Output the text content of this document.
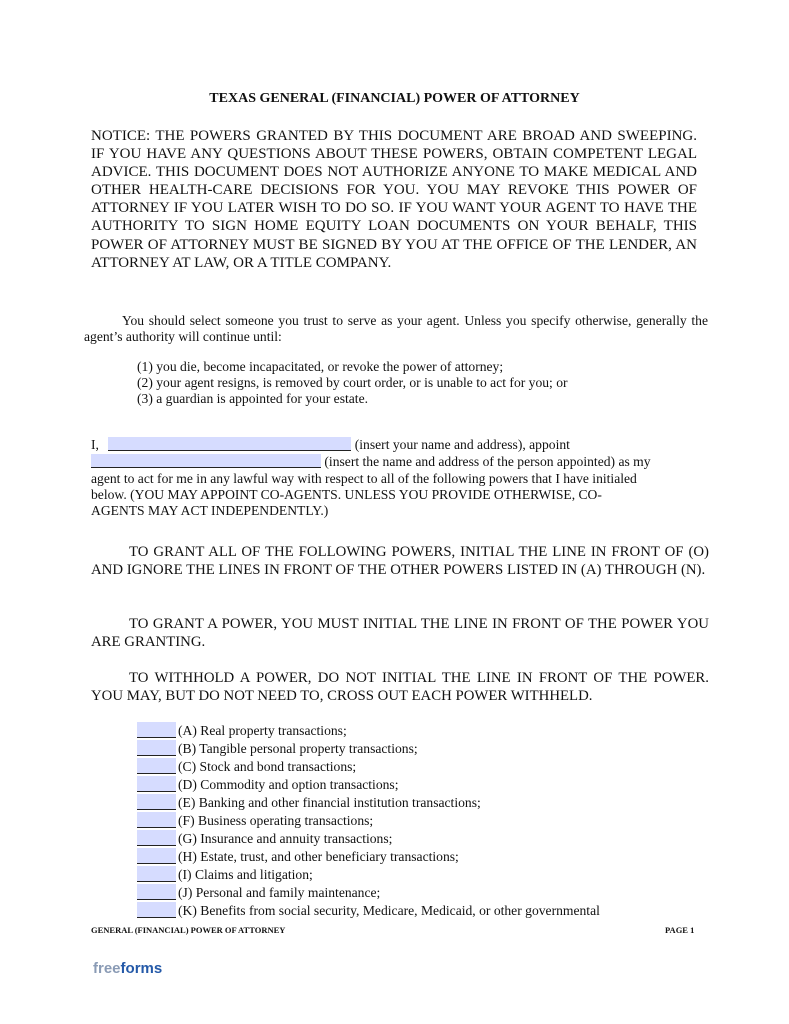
TEXAS GENERAL (FINANCIAL) POWER OF ATTORNEY
NOTICE: THE POWERS GRANTED BY THIS DOCUMENT ARE BROAD AND SWEEPING. IF YOU HAVE ANY QUESTIONS ABOUT THESE POWERS, OBTAIN COMPETENT LEGAL ADVICE. THIS DOCUMENT DOES NOT AUTHORIZE ANYONE TO MAKE MEDICAL AND OTHER HEALTH-CARE DECISIONS FOR YOU. YOU MAY REVOKE THIS POWER OF ATTORNEY IF YOU LATER WISH TO DO SO. IF YOU WANT YOUR AGENT TO HAVE THE AUTHORITY TO SIGN HOME EQUITY LOAN DOCUMENTS ON YOUR BEHALF, THIS POWER OF ATTORNEY MUST BE SIGNED BY YOU AT THE OFFICE OF THE LENDER, AN ATTORNEY AT LAW, OR A TITLE COMPANY.
You should select someone you trust to serve as your agent. Unless you specify otherwise, generally the agent’s authority will continue until:
(1) you die, become incapacitated, or revoke the power of attorney;
(2) your agent resigns, is removed by court order, or is unable to act for you; or
(3) a guardian is appointed for your estate.
I,	(insert your name and address), appoint
(insert the name and address of the person appointed) as my
agent to act for me in any lawful way with respect to all of the following powers that I have initialed below. (YOU MAY APPOINT CO-AGENTS. UNLESS YOU PROVIDE OTHERWISE, CO-AGENTS MAY ACT INDEPENDENTLY.)
TO GRANT ALL OF THE FOLLOWING POWERS, INITIAL THE LINE IN FRONT OF (O) AND IGNORE THE LINES IN FRONT OF THE OTHER POWERS LISTED IN (A) THROUGH (N).
TO GRANT A POWER, YOU MUST INITIAL THE LINE IN FRONT OF THE POWER YOU ARE GRANTING.
TO WITHHOLD A POWER, DO NOT INITIAL THE LINE IN FRONT OF THE POWER. YOU MAY, BUT DO NOT NEED TO, CROSS OUT EACH POWER WITHHELD.
(A) Real property transactions;
(B) Tangible personal property transactions;
(C) Stock and bond transactions;
(D) Commodity and option transactions;
(E) Banking and other financial institution transactions;
(F) Business operating transactions;
(G) Insurance and annuity transactions;
(H) Estate, trust, and other beneficiary transactions;
(I) Claims and litigation;
(J) Personal and family maintenance;
(K) Benefits from social security, Medicare, Medicaid, or other governmental
GENERAL (FINANCIAL) POWER OF ATTORNEY	PAGE 1
freeforms
